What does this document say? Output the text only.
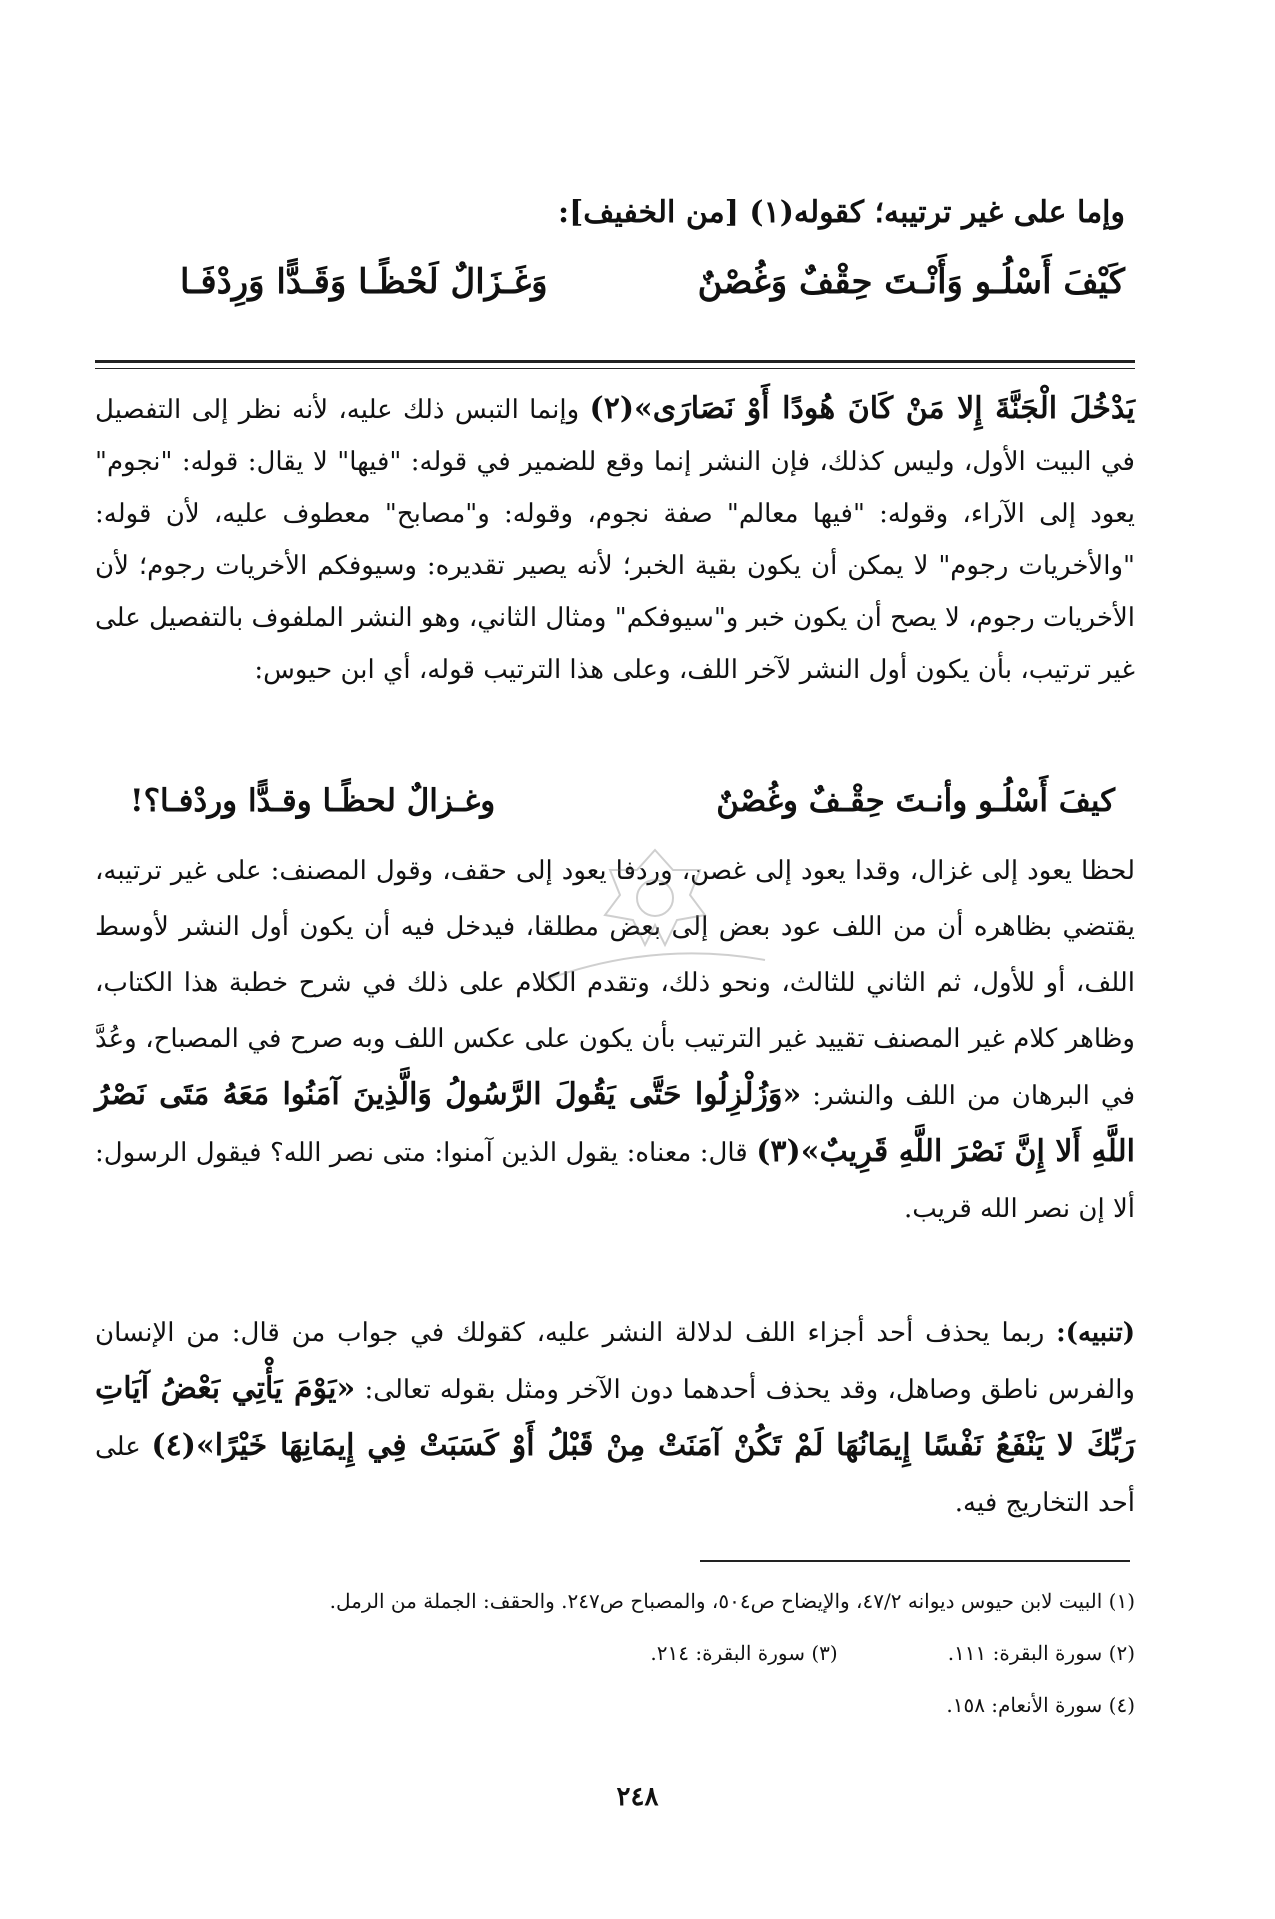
وإما على غير ترتيبه؛ كقوله(١) [من الخفيف]:
كَيْفَ أَسْلُـو وَأَنْـتَ حِقْفٌ وَغُصْنٌ
وَغَـزَالٌ لَحْظًـا وَقَـدًّا وَرِدْفَـا
يَدْخُلَ الْجَنَّةَ إِلا مَنْ كَانَ هُودًا أَوْ نَصَارَى»(٢) وإنما التبس ذلك عليه، لأنه نظر إلى التفصيل في البيت الأول، وليس كذلك، فإن النشر إنما وقع للضمير في قوله: "فيها" لا يقال: قوله: "نجوم" يعود إلى الآراء، وقوله: "فيها معالم" صفة نجوم، وقوله: و"مصابح" معطوف عليه، لأن قوله: "والأخريات رجوم" لا يمكن أن يكون بقية الخبر؛ لأنه يصير تقديره: وسيوفكم الأخريات رجوم؛ لأن الأخريات رجوم، لا يصح أن يكون خبر و"سيوفكم" ومثال الثاني، وهو النشر الملفوف بالتفصيل على غير ترتيب، بأن يكون أول النشر لآخر اللف، وعلى هذا الترتيب قوله، أي ابن حيوس:
كيفَ أَسْلُـو وأنـتَ حِقْـفٌ وغُصْنٌ
وغـزالٌ لحظًـا وقـدًّا وردْفـا؟!
لحظا يعود إلى غزال، وقدا يعود إلى غصن، وردفا يعود إلى حقف، وقول المصنف: على غير ترتيبه، يقتضي بظاهره أن من اللف عود بعض إلى بعض مطلقا، فيدخل فيه أن يكون أول النشر لأوسط اللف، أو للأول، ثم الثاني للثالث، ونحو ذلك، وتقدم الكلام على ذلك في شرح خطبة هذا الكتاب، وظاهر كلام غير المصنف تقييد غير الترتيب بأن يكون على عكس اللف وبه صرح في المصباح، وعُدَّ في البرهان من اللف والنشر: «وَزُلْزِلُوا حَتَّى يَقُولَ الرَّسُولُ وَالَّذِينَ آمَنُوا مَعَهُ مَتَى نَصْرُ اللَّهِ أَلا إِنَّ نَصْرَ اللَّهِ قَرِيبٌ»(٣) قال: معناه: يقول الذين آمنوا: متى نصر الله؟ فيقول الرسول: ألا إن نصر الله قريب.
(تنبيه): ربما يحذف أحد أجزاء اللف لدلالة النشر عليه، كقولك في جواب من قال: من الإنسان والفرس ناطق وصاهل، وقد يحذف أحدهما دون الآخر ومثل بقوله تعالى: «يَوْمَ يَأْتِي بَعْضُ آيَاتِ رَبِّكَ لا يَنْفَعُ نَفْسًا إِيمَانُهَا لَمْ تَكُنْ آمَنَتْ مِنْ قَبْلُ أَوْ كَسَبَتْ فِي إِيمَانِهَا خَيْرًا»(٤) على أحد التخاريج فيه.
(١) البيت لابن حيوس ديوانه ٤٧/٢، والإيضاح ص٥٠٤، والمصباح ص٢٤٧. والحقف: الجملة من الرمل.
(٢) سورة البقرة: ١١١.
(٣) سورة البقرة: ٢١٤.
(٤) سورة الأنعام: ١٥٨.
٢٤٨
